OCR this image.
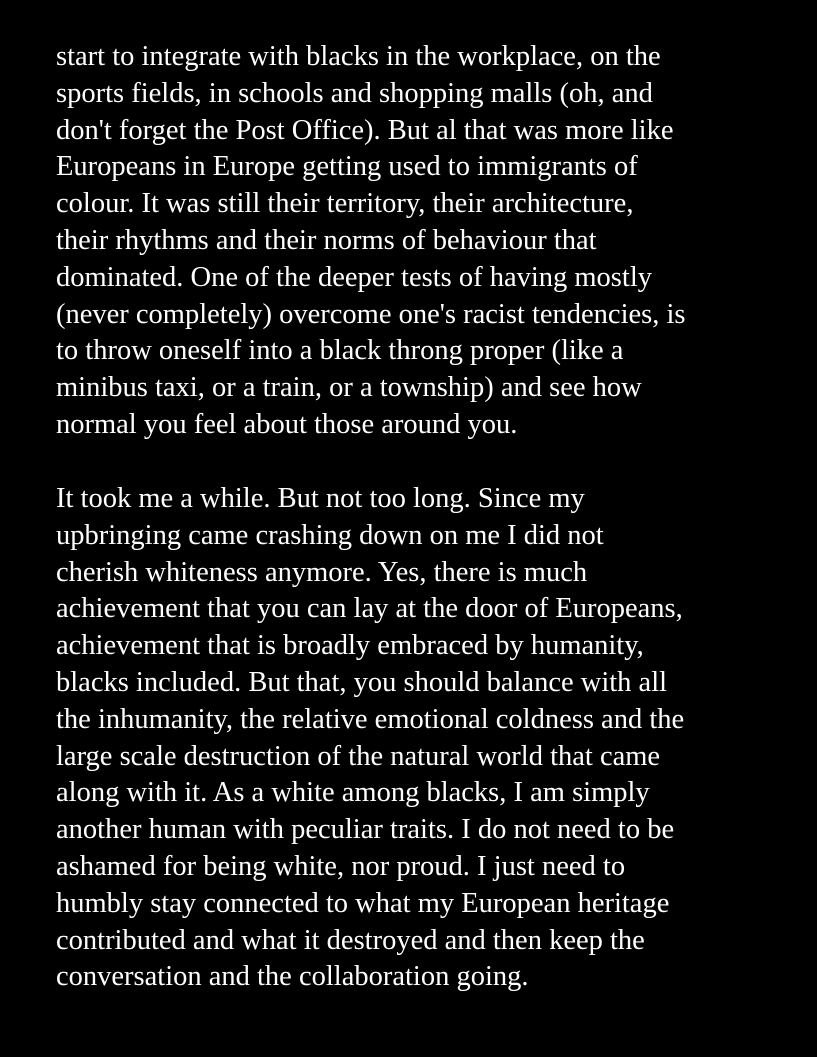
start to integrate with blacks in the workplace, on the
sports fields, in schools and shopping malls (oh, and
don't forget the Post Office). But al that was more like
Europeans in Europe getting used to immigrants of
colour. It was still their territory, their architecture,
their rhythms and their norms of behaviour that
dominated. One of the deeper tests of having mostly
(never completely) overcome one's racist tendencies, is
to throw oneself into a black throng proper (like a
minibus taxi, or a train, or a township) and see how
normal you feel about those around you.
It took me a while. But not too long. Since my
upbringing came crashing down on me I did not
cherish whiteness anymore. Yes, there is much
achievement that you can lay at the door of Europeans,
achievement that is broadly embraced by humanity,
blacks included. But that, you should balance with all
the inhumanity, the relative emotional coldness and the
large scale destruction of the natural world that came
along with it. As a white among blacks, I am simply
another human with peculiar traits. I do not need to be
ashamed for being white, nor proud. I just need to
humbly stay connected to what my European heritage
contributed and what it destroyed and then keep the
conversation and the collaboration going.
